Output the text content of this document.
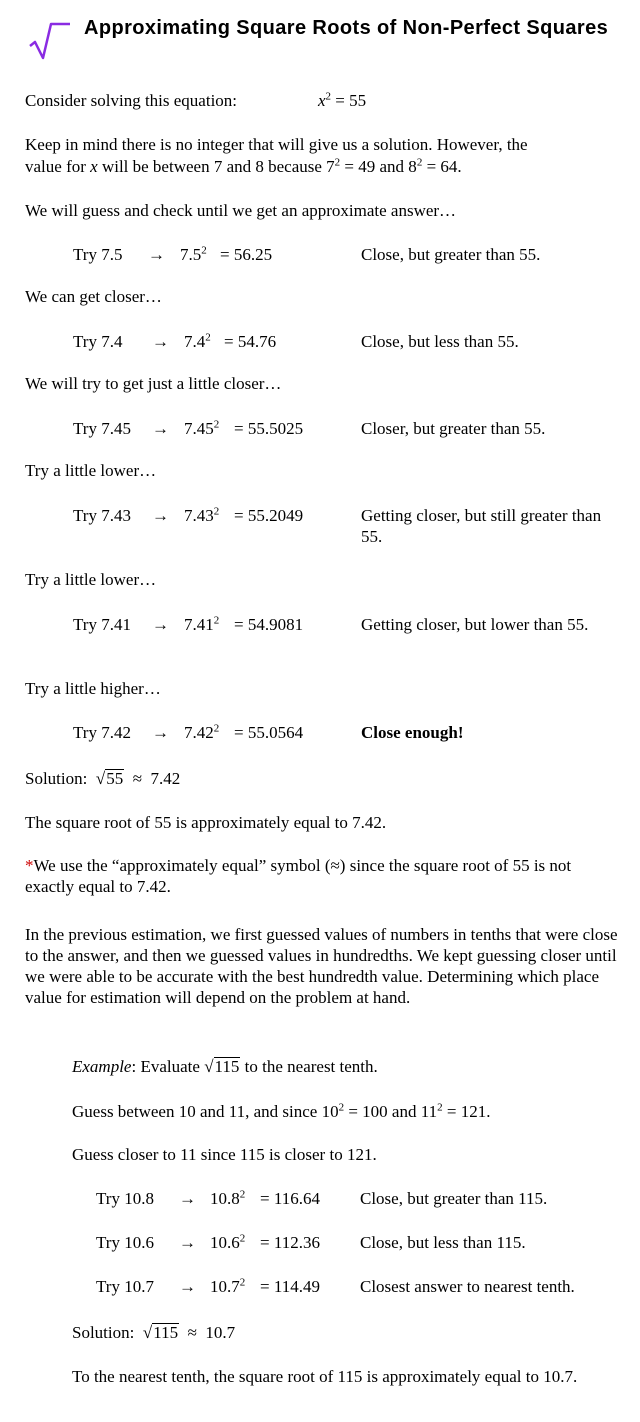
Approximating Square Roots of Non-Perfect Squares
Consider solving this equation:	$x^2 = 55$
Keep in mind there is no integer that will give us a solution. However, the
value for x will be between 7 and 8 because $7^2 = 49$ and $8^2 = 64$.
We will guess and check until we get an approximate answer…
Try $7.5 \to 7.5^2 = 56.25$	Close, but greater than 55.
We can get closer…
Try $7.4 \to 7.4^2 = 54.76$	Close, but less than 55.
We will try to get just a little closer…
Try $7.45 \to 7.45^2 = 55.5025$	Closer, but greater than 55.
Try a little lower…
Try $7.43 \to 7.43^2 = 55.2049$	Getting closer, but still greater than 55.
Try a little lower…
Try $7.41 \to 7.41^2 = 54.9081$	Getting closer, but lower than 55.
Try a little higher…
Try $7.42 \to 7.42^2 = 55.0564$	Close enough!
Solution: √55 ≈ 7.42
The square root of 55 is approximately equal to 7.42.
*We use the “approximately equal” symbol (≈) since the square root of 55 is not exactly equal to 7.42.
In the previous estimation, we first guessed values of numbers in tenths that were close to the answer, and then we guessed values in hundredths. We kept guessing closer until we were able to be accurate with the best hundredth value. Determining which place value for estimation will depend on the problem at hand.
Example: Evaluate √115 to the nearest tenth.
Guess between 10 and 11, and since $10^2 = 100$ and $11^2 = 121$.
Guess closer to 11 since 115 is closer to 121.
Try $10.8 \to 10.8^2 = 116.64$ Close, but greater than 115.
Try $10.6 \to 10.6^2 = 112.36$ Close, but less than 115.
Try $10.7 \to 10.7^2 = 114.49$ Closest answer to nearest tenth.
Solution: √115 ≈ 10.7
To the nearest tenth, the square root of 115 is approximately equal to 10.7.
